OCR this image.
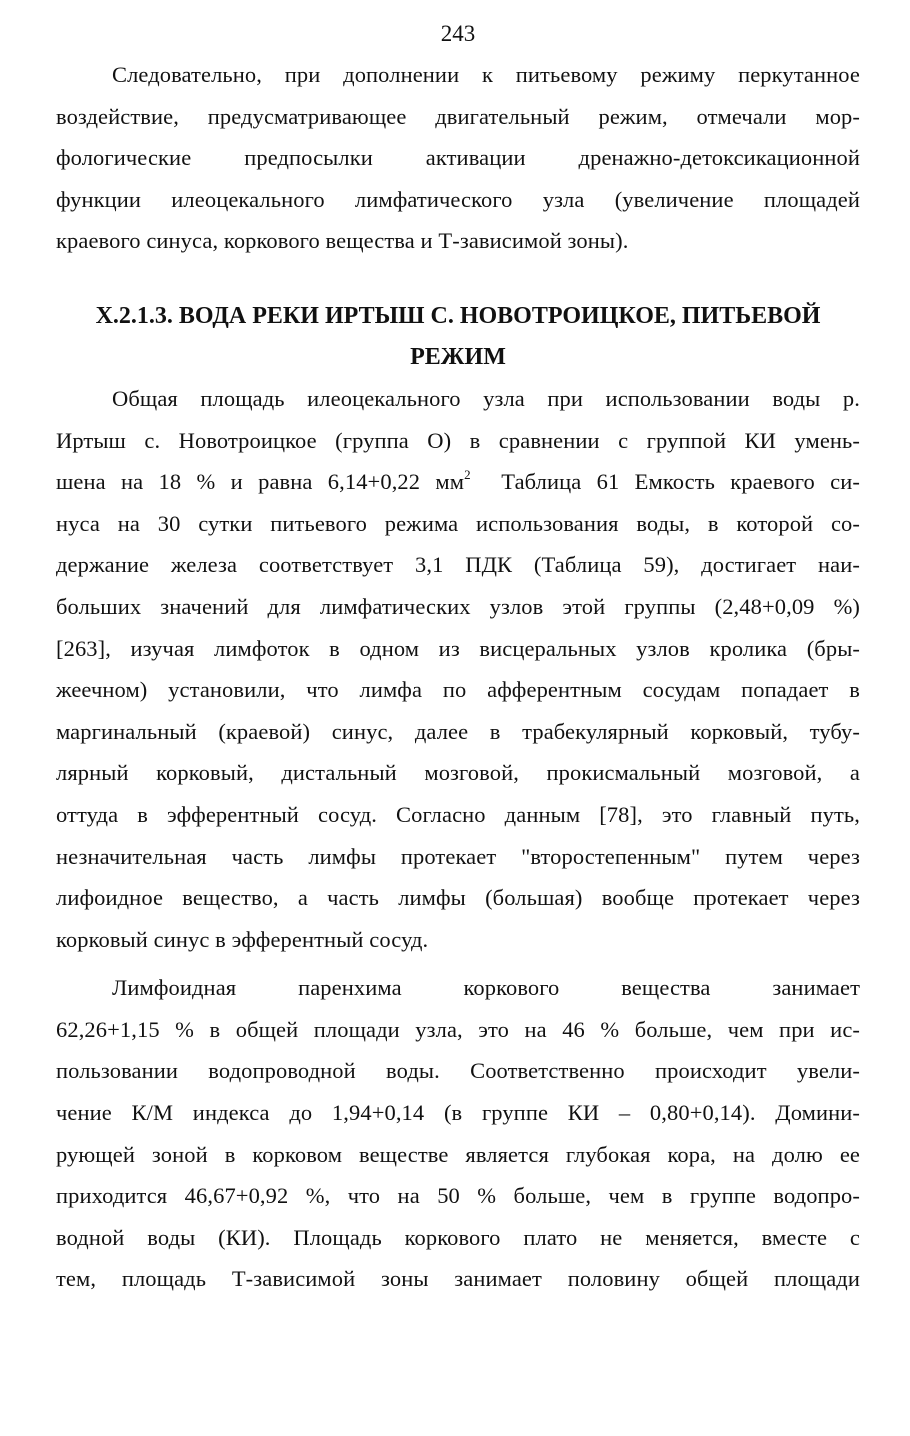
243

Следовательно, при дополнении к питьевому режиму перкутанное
воздействие, предусматривающее двигательный режим, отмечали мор-
фологические предпосылки активации дренажно-детоксикационной
функции илеоцекального лимфатического узла (увеличение площадей
краевого синуса, коркового вещества и Т-зависимой зоны).

X.2.1.3. ВОДА РЕКИ ИРТЫШ С. НОВОТРОИЦКОЕ, ПИТЬЕВОЙ
РЕЖИМ

Общая площадь илеоцекального узла при использовании воды р.
Иртыш с. Новотроицкое (группа О) в сравнении с группой КИ умень-
шена на 18 % и равна 6,14+0,22 $мм^2$ Таблица 61 Емкость краевого си-
нуса на 30 сутки питьевого режима использования воды, в которой со-
держание железа соответствует 3,1 ПДК (Таблица 59), достигает наи-
больших значений для лимфатических узлов этой группы (2,48+0,09 %)
[263], изучая лимфоток в одном из висцеральных узлов кролика (бры-
жеечном) установили, что лимфа по афферентным сосудам попадает в
маргинальный (краевой) синус, далее в трабекулярный корковый, тубу-
лярный корковый, дистальный мозговой, прокисмальный мозговой, а
оттуда в эфферентный сосуд. Согласно данным [78], это главный путь,
незначительная часть лимфы протекает "второстепенным" путем через
лифоидное вещество, а часть лимфы (большая) вообще протекает через
корковый синус в эфферентный сосуд.

Лимфоидная паренхима коркового вещества занимает
62,26+1,15 % в общей площади узла, это на 46 % больше, чем при ис-
пользовании водопроводной воды. Соответственно происходит увели-
чение К/М индекса до 1,94+0,14 (в группе КИ – 0,80+0,14). Домини-
рующей зоной в корковом веществе является глубокая кора, на долю ее
приходится 46,67+0,92 %, что на 50 % больше, чем в группе водопро-
водной воды (КИ). Площадь коркового плато не меняется, вместе с
тем, площадь Т-зависимой зоны занимает половину общей площади
